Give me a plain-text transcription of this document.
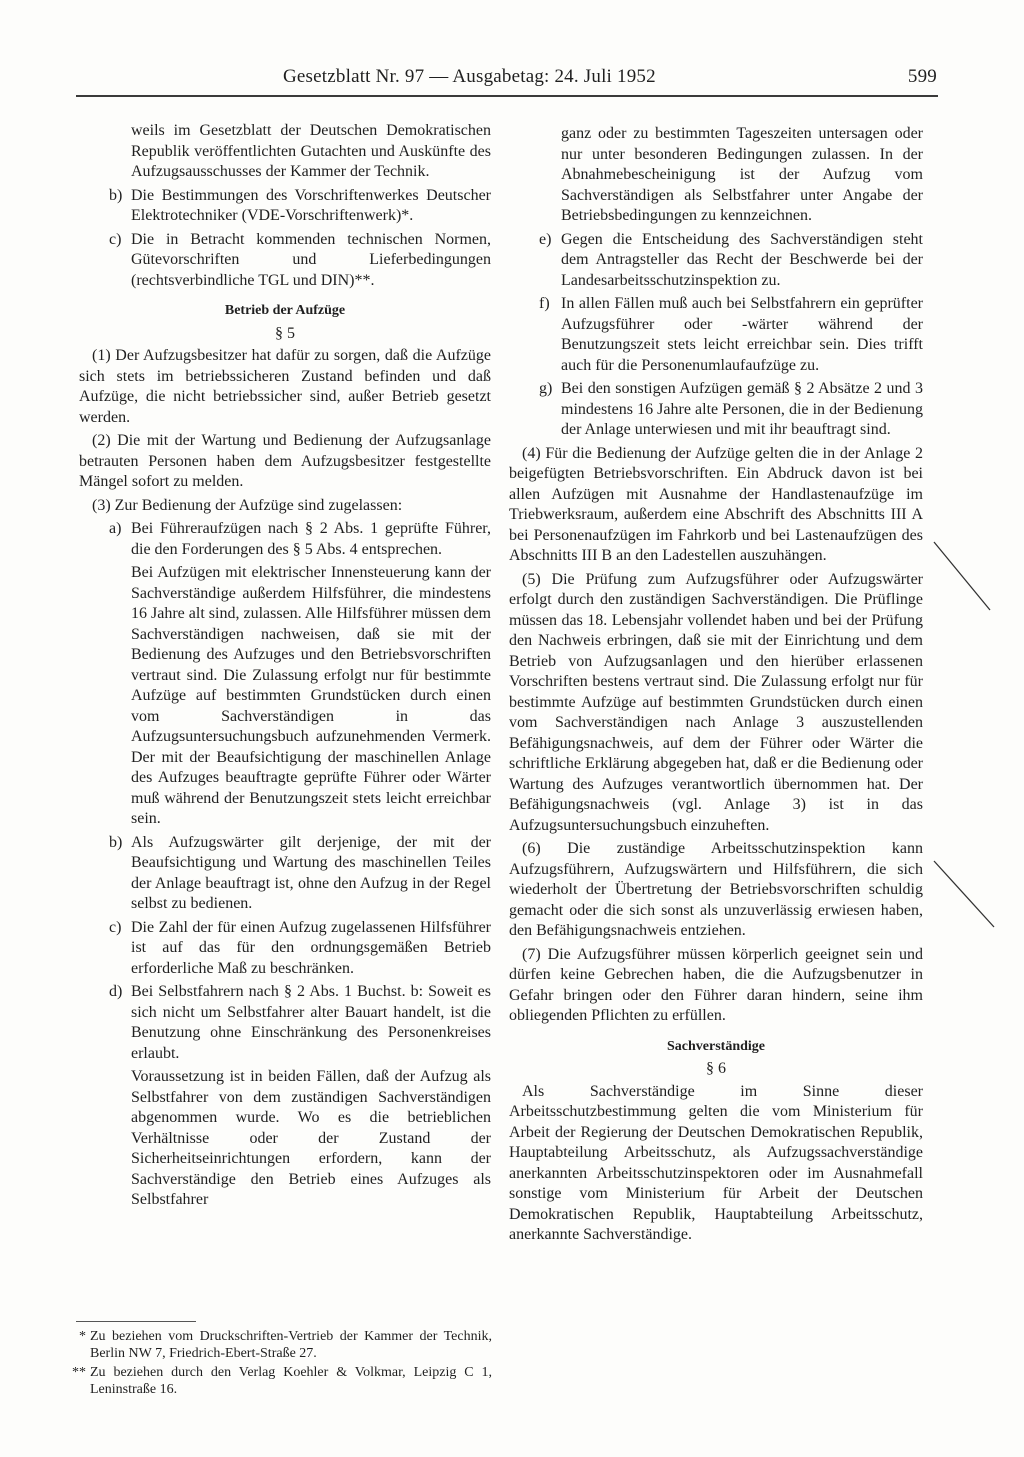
Gesetzblatt Nr. 97 — Ausgabetag: 24. Juli 1952	599

weils im Gesetzblatt der Deutschen Demokratischen Republik veröffentlichten Gutachten und Auskünfte des Aufzugsausschusses der Kammer der Technik.

b) Die Bestimmungen des Vorschriftenwerkes Deutscher Elektrotechniker (VDE-Vorschriftenwerk)*.

c) Die in Betracht kommenden technischen Normen, Gütevorschriften und Lieferbedingungen (rechtsverbindliche TGL und DIN)**.

Betrieb der Aufzüge
§ 5

(1) Der Aufzugsbesitzer hat dafür zu sorgen, daß die Aufzüge sich stets im betriebssicheren Zustand befinden und daß Aufzüge, die nicht betriebssicher sind, außer Betrieb gesetzt werden.

(2) Die mit der Wartung und Bedienung der Aufzugsanlage betrauten Personen haben dem Aufzugsbesitzer festgestellte Mängel sofort zu melden.

(3) Zur Bedienung der Aufzüge sind zugelassen:

a) Bei Führeraufzügen nach § 2 Abs. 1 geprüfte Führer, die den Forderungen des § 5 Abs. 4 entsprechen.

Bei Aufzügen mit elektrischer Innensteuerung kann der Sachverständige außerdem Hilfsführer, die mindestens 16 Jahre alt sind, zulassen. Alle Hilfsführer müssen dem Sachverständigen nachweisen, daß sie mit der Bedienung des Aufzuges und den Betriebsvorschriften vertraut sind. Die Zulassung erfolgt nur für bestimmte Aufzüge auf bestimmten Grundstücken durch einen vom Sachverständigen in das Aufzugsuntersuchungsbuch aufzunehmenden Vermerk. Der mit der Beaufsichtigung der maschinellen Anlage des Aufzuges beauftragte geprüfte Führer oder Wärter muß während der Benutzungszeit stets leicht erreichbar sein.

b) Als Aufzugswärter gilt derjenige, der mit der Beaufsichtigung und Wartung des maschinellen Teiles der Anlage beauftragt ist, ohne den Aufzug in der Regel selbst zu bedienen.

c) Die Zahl der für einen Aufzug zugelassenen Hilfsführer ist auf das für den ordnungsgemäßen Betrieb erforderliche Maß zu beschränken.

d) Bei Selbstfahrern nach § 2 Abs. 1 Buchst. b: Soweit es sich nicht um Selbstfahrer alter Bauart handelt, ist die Benutzung ohne Einschränkung des Personenkreises erlaubt.

Voraussetzung ist in beiden Fällen, daß der Aufzug als Selbstfahrer von dem zuständigen Sachverständigen abgenommen wurde. Wo es die betrieblichen Verhältnisse oder der Zustand der Sicherheitseinrichtungen erfordern, kann der Sachverständige den Betrieb eines Aufzuges als Selbstfahrer

ganz oder zu bestimmten Tageszeiten untersagen oder nur unter besonderen Bedingungen zulassen. In der Abnahmebescheinigung ist der Aufzug vom Sachverständigen als Selbstfahrer unter Angabe der Betriebsbedingungen zu kennzeichnen.

e) Gegen die Entscheidung des Sachverständigen steht dem Antragsteller das Recht der Beschwerde bei der Landesarbeitsschutzinspektion zu.

f) In allen Fällen muß auch bei Selbstfahrern ein geprüfter Aufzugsführer oder -wärter während der Benutzungszeit stets leicht erreichbar sein. Dies trifft auch für die Personenumlaufaufzüge zu.

g) Bei den sonstigen Aufzügen gemäß § 2 Absätze 2 und 3 mindestens 16 Jahre alte Personen, die in der Bedienung der Anlage unterwiesen und mit ihr beauftragt sind.

(4) Für die Bedienung der Aufzüge gelten die in der Anlage 2 beigefügten Betriebsvorschriften. Ein Abdruck davon ist bei allen Aufzügen mit Ausnahme der Handlastenaufzüge im Triebwerksraum, außerdem eine Abschrift des Abschnitts III A bei Personenaufzügen im Fahrkorb und bei Lastenaufzügen des Abschnitts III B an den Ladestellen auszuhängen.

(5) Die Prüfung zum Aufzugsführer oder Aufzugswärter erfolgt durch den zuständigen Sachverständigen. Die Prüflinge müssen das 18. Lebensjahr vollendet haben und bei der Prüfung den Nachweis erbringen, daß sie mit der Einrichtung und dem Betrieb von Aufzugsanlagen und den hierüber erlassenen Vorschriften bestens vertraut sind. Die Zulassung erfolgt nur für bestimmte Aufzüge auf bestimmten Grundstücken durch einen vom Sachverständigen nach Anlage 3 auszustellenden Befähigungsnachweis, auf dem der Führer oder Wärter die schriftliche Erklärung abgegeben hat, daß er die Bedienung oder Wartung des Aufzuges verantwortlich übernommen hat. Der Befähigungsnachweis (vgl. Anlage 3) ist in das Aufzugsuntersuchungsbuch einzuheften.

(6) Die zuständige Arbeitsschutzinspektion kann Aufzugsführern, Aufzugswärtern und Hilfsführern, die sich wiederholt der Übertretung der Betriebsvorschriften schuldig gemacht oder die sich sonst als unzuverlässig erwiesen haben, den Befähigungsnachweis entziehen.

(7) Die Aufzugsführer müssen körperlich geeignet sein und dürfen keine Gebrechen haben, die die Aufzugsbenutzer in Gefahr bringen oder den Führer daran hindern, seine ihm obliegenden Pflichten zu erfüllen.

Sachverständige
§ 6

Als Sachverständige im Sinne dieser Arbeitsschutzbestimmung gelten die vom Ministerium für Arbeit der Regierung der Deutschen Demokratischen Republik, Hauptabteilung Arbeitsschutz, als Aufzugssachverständige anerkannten Arbeitsschutzinspektoren oder im Ausnahmefall sonstige vom Ministerium für Arbeit der Deutschen Demokratischen Republik, Hauptabteilung Arbeitsschutz, anerkannte Sachverständige.

* Zu beziehen vom Druckschriften-Vertrieb der Kammer der Technik, Berlin NW 7, Friedrich-Ebert-Straße 27.

** Zu beziehen durch den Verlag Koehler & Volkmar, Leipzig C 1, Leninstraße 16.
